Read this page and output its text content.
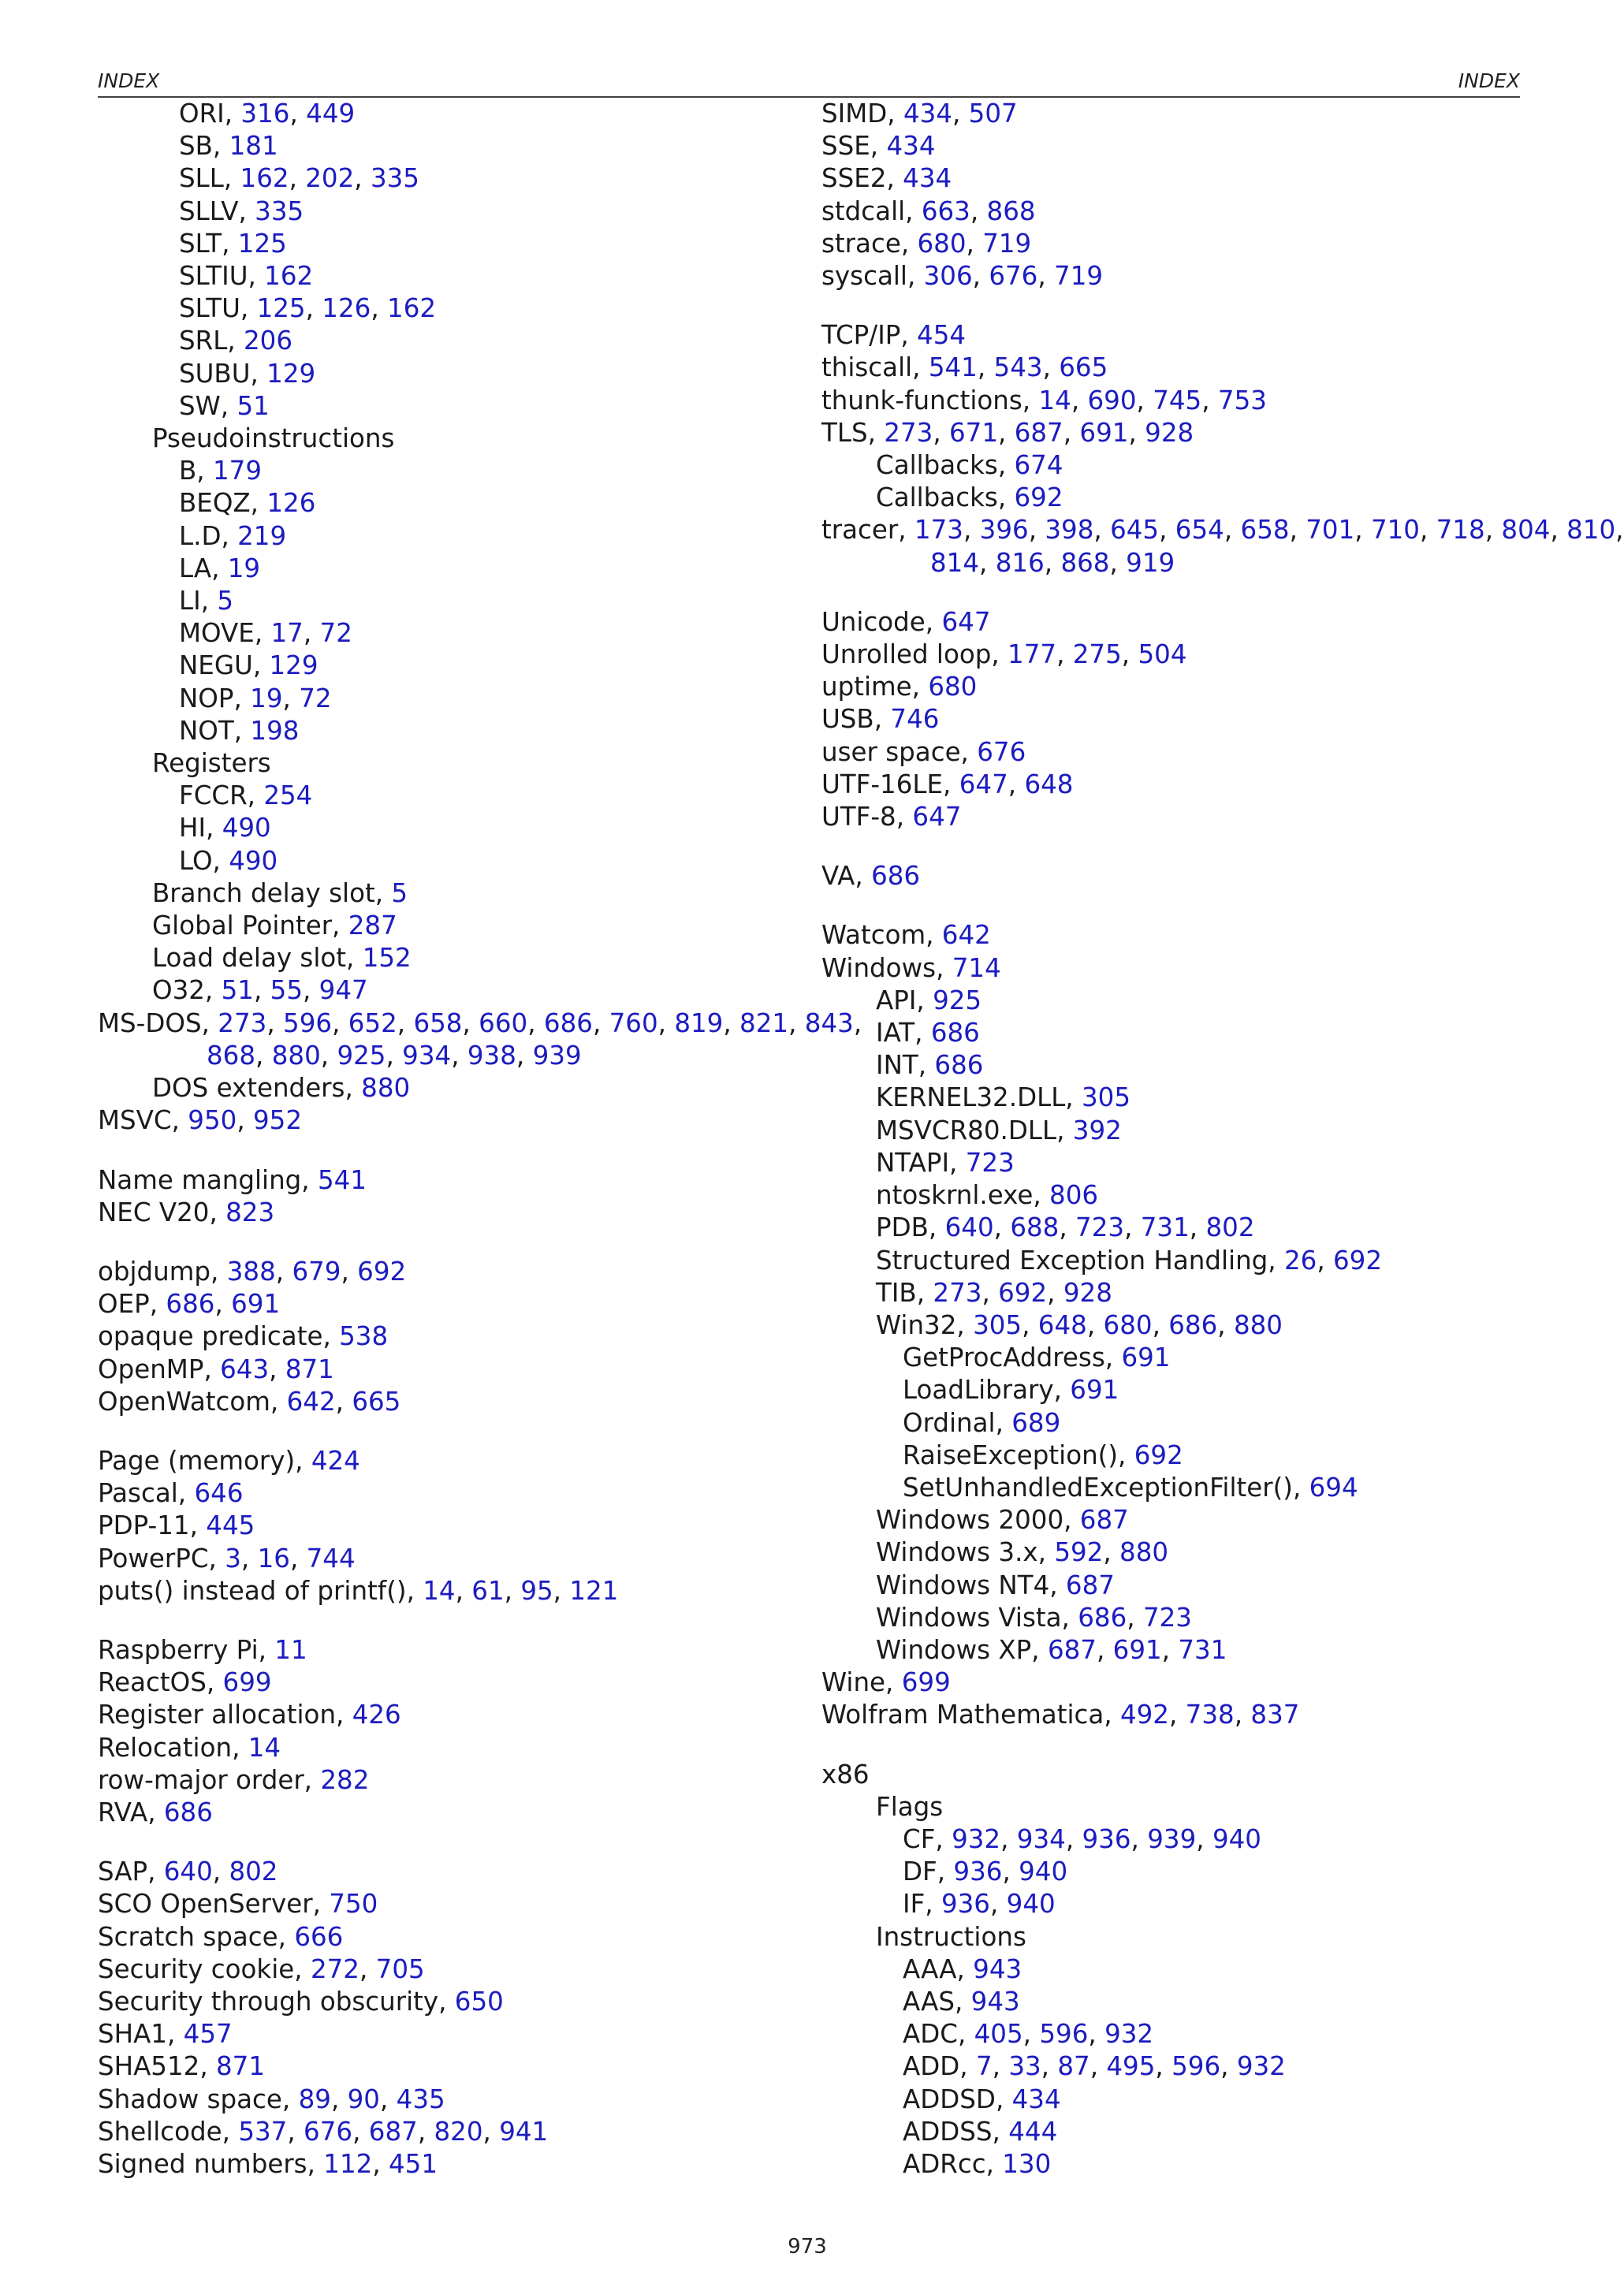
INDEX	INDEX
ORI, 316, 449
SB, 181
SLL, 162, 202, 335
SLLV, 335
SLT, 125
SLTIU, 162
SLTU, 125, 126, 162
SRL, 206
SUBU, 129
SW, 51
Pseudoinstructions
B, 179
BEQZ, 126
L.D, 219
LA, 19
LI, 5
MOVE, 17, 72
NEGU, 129
NOP, 19, 72
NOT, 198
Registers
FCCR, 254
HI, 490
LO, 490
Branch delay slot, 5
Global Pointer, 287
Load delay slot, 152
O32, 51, 55, 947
MS-DOS, 273, 596, 652, 658, 660, 686, 760, 819, 821, 843,
868, 880, 925, 934, 938, 939
DOS extenders, 880
MSVC, 950, 952
Name mangling, 541
NEC V20, 823
objdump, 388, 679, 692
OEP, 686, 691
opaque predicate, 538
OpenMP, 643, 871
OpenWatcom, 642, 665
Page (memory), 424
Pascal, 646
PDP-11, 445
PowerPC, 3, 16, 744
puts() instead of printf(), 14, 61, 95, 121
Raspberry Pi, 11
ReactOS, 699
Register allocation, 426
Relocation, 14
row-major order, 282
RVA, 686
SAP, 640, 802
SCO OpenServer, 750
Scratch space, 666
Security cookie, 272, 705
Security through obscurity, 650
SHA1, 457
SHA512, 871
Shadow space, 89, 90, 435
Shellcode, 537, 676, 687, 820, 941
Signed numbers, 112, 451
SIMD, 434, 507
SSE, 434
SSE2, 434
stdcall, 663, 868
strace, 680, 719
syscall, 306, 676, 719
TCP/IP, 454
thiscall, 541, 543, 665
thunk-functions, 14, 690, 745, 753
TLS, 273, 671, 687, 691, 928
Callbacks, 674
Callbacks, 692
tracer, 173, 396, 398, 645, 654, 658, 701, 710, 718, 804, 810,
814, 816, 868, 919
Unicode, 647
Unrolled loop, 177, 275, 504
uptime, 680
USB, 746
user space, 676
UTF-16LE, 647, 648
UTF-8, 647
VA, 686
Watcom, 642
Windows, 714
API, 925
IAT, 686
INT, 686
KERNEL32.DLL, 305
MSVCR80.DLL, 392
NTAPI, 723
ntoskrnl.exe, 806
PDB, 640, 688, 723, 731, 802
Structured Exception Handling, 26, 692
TIB, 273, 692, 928
Win32, 305, 648, 680, 686, 880
GetProcAddress, 691
LoadLibrary, 691
Ordinal, 689
RaiseException(), 692
SetUnhandledExceptionFilter(), 694
Windows 2000, 687
Windows 3.x, 592, 880
Windows NT4, 687
Windows Vista, 686, 723
Windows XP, 687, 691, 731
Wine, 699
Wolfram Mathematica, 492, 738, 837
x86
Flags
CF, 932, 934, 936, 939, 940
DF, 936, 940
IF, 936, 940
Instructions
AAA, 943
AAS, 943
ADC, 405, 596, 932
ADD, 7, 33, 87, 495, 596, 932
ADDSD, 434
ADDSS, 444
ADRcc, 130
973
